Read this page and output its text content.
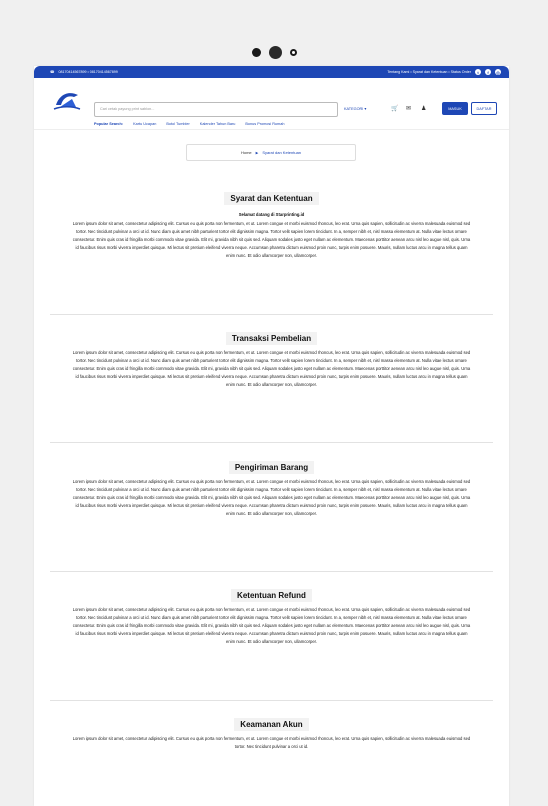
☎ 08170414567899 • 08170414567899	Tentang Kami • Syarat dan Ketentuan • Status Order	t	f	◎
Cari cetak payung print sablon...	KATEGORI ▾	🛒 ✉ ♟	MASUK	DAFTAR
Popular Search:	Kartu Ucapan	Botol Tumbler	Kalender Tahun Baru	Bonus Promosi Rumah
Home ▶ Syarat dan Ketentuan
Syarat dan Ketentuan
Selamat datang di Starprinting.id
Lorem ipsum dolor sit amet, consectetur adipiscing elit. Cursus eu quis porta non fermentum, et ut. Lorem congue et morbi euismod rhoncus, leo erat. Urna quis sapien, sollicitudin ac viverra malesuada euismod sed tortor. Nec tincidunt pulvinar a orci ut id. Nunc diam quis amet nibh parturient tortor elit dignissim magna. Tortor velit sapien lorem tincidunt. In a, semper nibh et, nisl massa elementum at. Nulla vitae lectus ornare consectetur. Enim quis cras id fringilla morbi commodo vitae gravida. Elit mi, gravida nibh sit quis sed. Aliquam sodales justo eget nullam ac elementum. Maecenas porttitor aenean arcu nisl leo augue nisl, quis. Urna id faucibus risus morbi viverra imperdiet quisque. Mi lectus sit pretium eleifend viverra neque. Accumsan pharetra dictum euismod proin nunc, turpis enim posuere. Mauris, nullam luctus arcu in magna tellus quam enim nunc. Et odio ullamcorper non, ullamcorper.
Transaksi Pembelian
Lorem ipsum dolor sit amet, consectetur adipiscing elit. Cursus eu quis porta non fermentum, et ut. Lorem congue et morbi euismod rhoncus, leo erat. Urna quis sapien, sollicitudin ac viverra malesuada euismod sed tortor. Nec tincidunt pulvinar a orci ut id. Nunc diam quis amet nibh parturient tortor elit dignissim magna. Tortor velit sapien lorem tincidunt. In a, semper nibh et, nisl massa elementum at. Nulla vitae lectus ornare consectetur. Enim quis cras id fringilla morbi commodo vitae gravida. Elit mi, gravida nibh sit quis sed. Aliquam sodales justo eget nullam ac elementum. Maecenas porttitor aenean arcu nisl leo augue nisl, quis. Urna id faucibus risus morbi viverra imperdiet quisque. Mi lectus sit pretium eleifend viverra neque. Accumsan pharetra dictum euismod proin nunc, turpis enim posuere. Mauris, nullam luctus arcu in magna tellus quam enim nunc. Et odio ullamcorper non, ullamcorper.
Pengiriman Barang
Lorem ipsum dolor sit amet, consectetur adipiscing elit. Cursus eu quis porta non fermentum, et ut. Lorem congue et morbi euismod rhoncus, leo erat. Urna quis sapien, sollicitudin ac viverra malesuada euismod sed tortor. Nec tincidunt pulvinar a orci ut id. Nunc diam quis amet nibh parturient tortor elit dignissim magna. Tortor velit sapien lorem tincidunt. In a, semper nibh et, nisl massa elementum at. Nulla vitae lectus ornare consectetur. Enim quis cras id fringilla morbi commodo vitae gravida. Elit mi, gravida nibh sit quis sed. Aliquam sodales justo eget nullam ac elementum. Maecenas porttitor aenean arcu nisl leo augue nisl, quis. Urna id faucibus risus morbi viverra imperdiet quisque. Mi lectus sit pretium eleifend viverra neque. Accumsan pharetra dictum euismod proin nunc, turpis enim posuere. Mauris, nullam luctus arcu in magna tellus quam enim nunc. Et odio ullamcorper non, ullamcorper.
Ketentuan Refund
Lorem ipsum dolor sit amet, consectetur adipiscing elit. Cursus eu quis porta non fermentum, et ut. Lorem congue et morbi euismod rhoncus, leo erat. Urna quis sapien, sollicitudin ac viverra malesuada euismod sed tortor. Nec tincidunt pulvinar a orci ut id. Nunc diam quis amet nibh parturient tortor elit dignissim magna. Tortor velit sapien lorem tincidunt. In a, semper nibh et, nisl massa elementum at. Nulla vitae lectus ornare consectetur. Enim quis cras id fringilla morbi commodo vitae gravida. Elit mi, gravida nibh sit quis sed. Aliquam sodales justo eget nullam ac elementum. Maecenas porttitor aenean arcu nisl leo augue nisl, quis. Urna id faucibus risus morbi viverra imperdiet quisque. Mi lectus sit pretium eleifend viverra neque. Accumsan pharetra dictum euismod proin nunc, turpis enim posuere. Mauris, nullam luctus arcu in magna tellus quam enim nunc. Et odio ullamcorper non, ullamcorper.
Keamanan Akun
Lorem ipsum dolor sit amet, consectetur adipiscing elit. Cursus eu quis porta non fermentum, et ut. Lorem congue et morbi euismod rhoncus, leo erat. Urna quis sapien, sollicitudin ac viverra malesuada euismod sed tortor. Nec tincidunt pulvinar a orci ut id.
